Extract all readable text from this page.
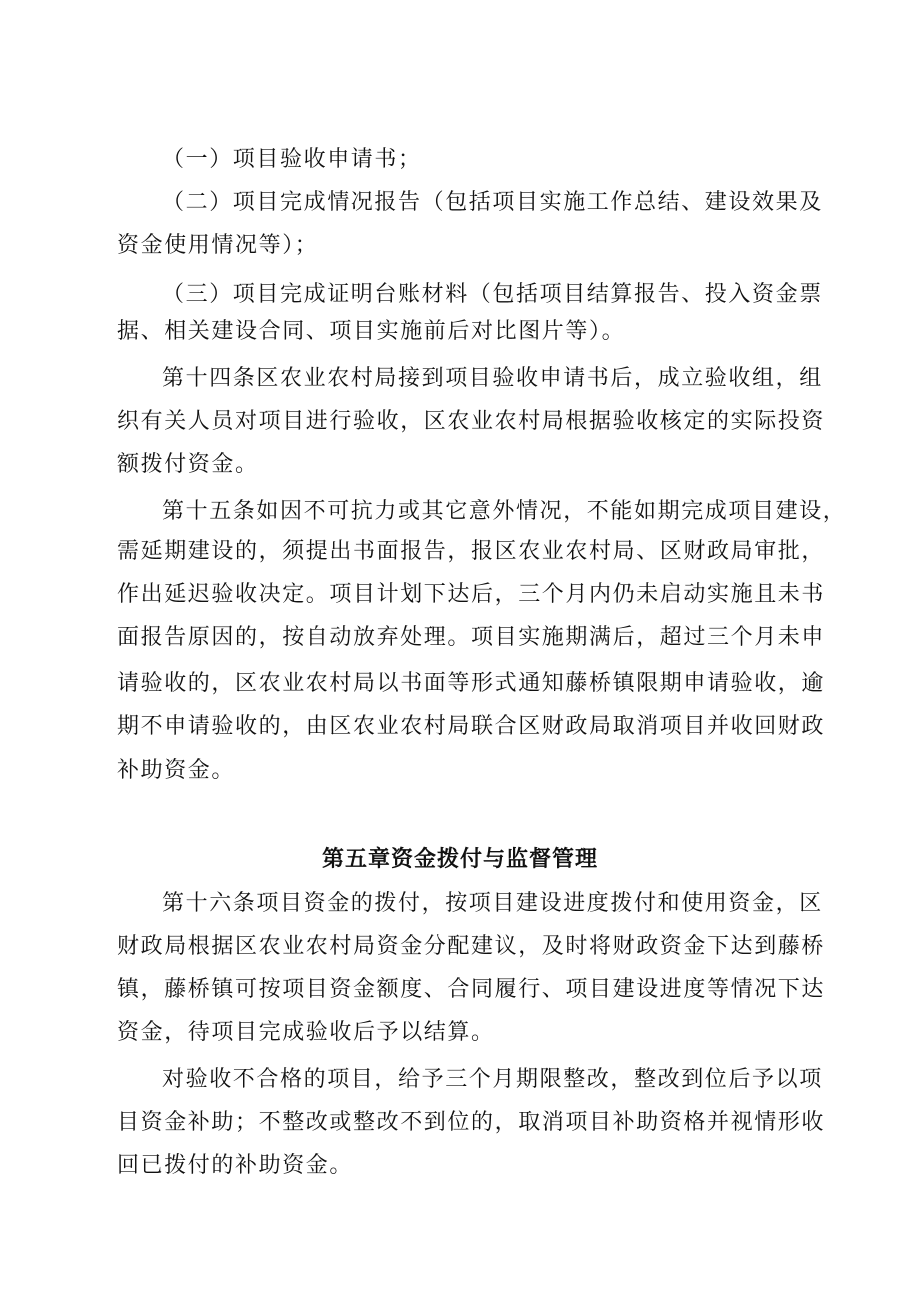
（一）项目验收申请书；
（二）项目完成情况报告（包括项目实施工作总结、建设效果及
资金使用情况等）；
（三）项目完成证明台账材料（包括项目结算报告、投入资金票
据、相关建设合同、项目实施前后对比图片等）。
第十四条区农业农村局接到项目验收申请书后，成立验收组，组
织有关人员对项目进行验收，区农业农村局根据验收核定的实际投资
额拨付资金。
第十五条如因不可抗力或其它意外情况，不能如期完成项目建设，
需延期建设的，须提出书面报告，报区农业农村局、区财政局审批，
作出延迟验收决定。项目计划下达后，三个月内仍未启动实施且未书
面报告原因的，按自动放弃处理。项目实施期满后，超过三个月未申
请验收的，区农业农村局以书面等形式通知藤桥镇限期申请验收，逾
期不申请验收的，由区农业农村局联合区财政局取消项目并收回财政
补助资金。
第五章资金拨付与监督管理
第十六条项目资金的拨付，按项目建设进度拨付和使用资金，区
财政局根据区农业农村局资金分配建议，及时将财政资金下达到藤桥
镇，藤桥镇可按项目资金额度、合同履行、项目建设进度等情况下达
资金，待项目完成验收后予以结算。
对验收不合格的项目，给予三个月期限整改，整改到位后予以项
目资金补助；不整改或整改不到位的，取消项目补助资格并视情形收
回已拨付的补助资金。
